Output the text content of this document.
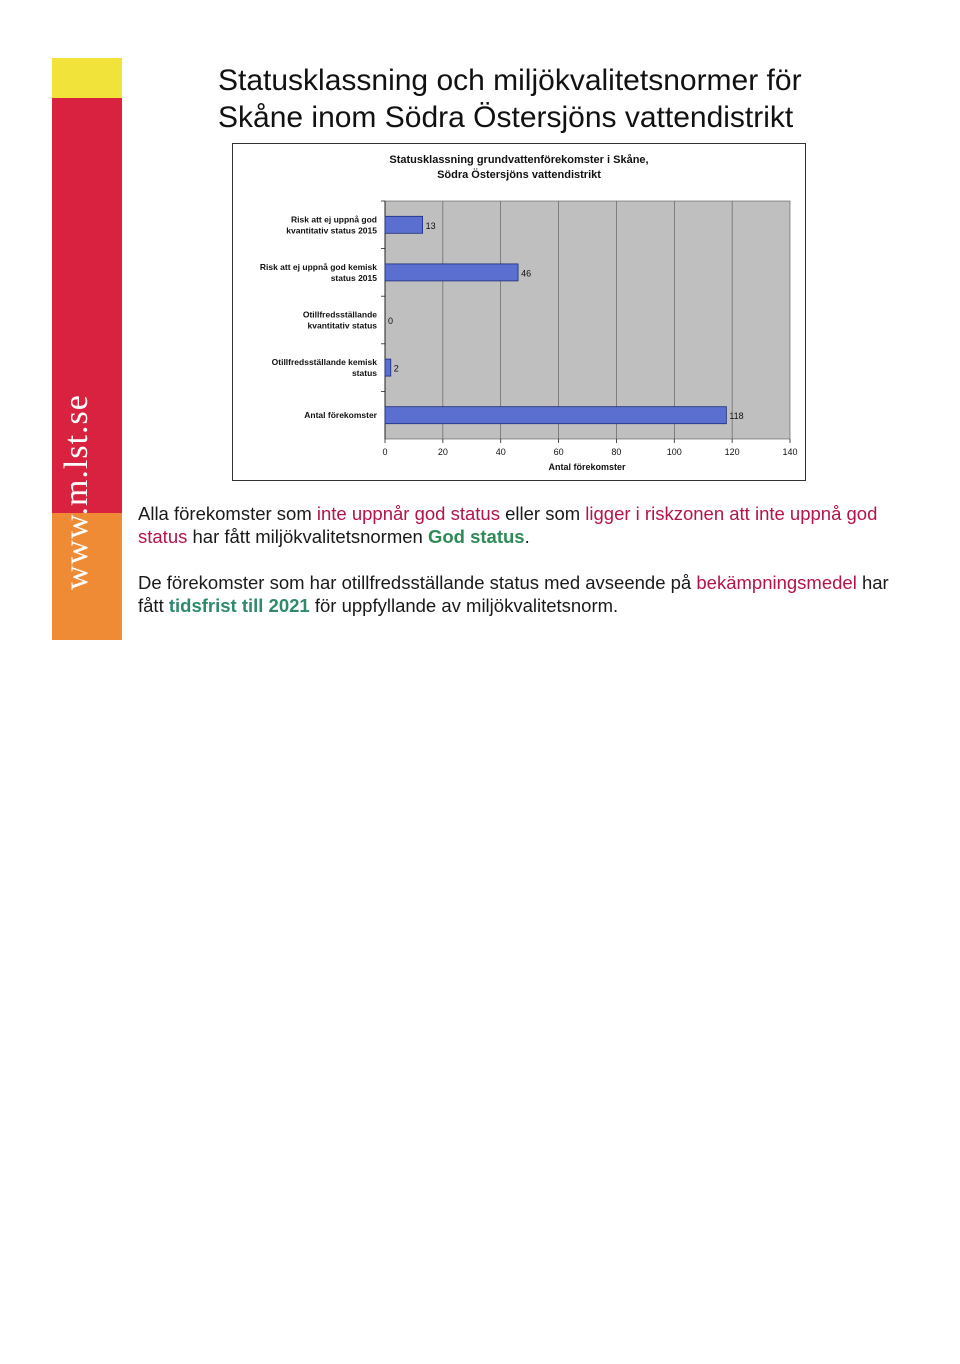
www.m.lst.se
Statusklassning och miljökvalitetsnormer för
Skåne inom Södra Östersjöns vattendistrikt
Statusklassning grundvattenförekomster i Skåne,
Södra Östersjöns vattendistrikt
Antal förekomster
0	20	40	60	80	100	120	140
13
Risk att ej uppnå god
kvantitativ status 2015
46
Risk att ej uppnå god kemisk
status 2015
0
Otillfredsställande
kvantitativ status
2
Otillfredsställande kemisk
status
118
Antal förekomster

Alla förekomster som inte uppnår god status eller som ligger i riskzonen att inte uppnå god status har fått miljökvalitetsnormen God status.

De förekomster som har otillfredsställande status med avseende på bekämpningsmedel har fått tidsfrist till 2021 för uppfyllande av miljökvalitetsnorm.
